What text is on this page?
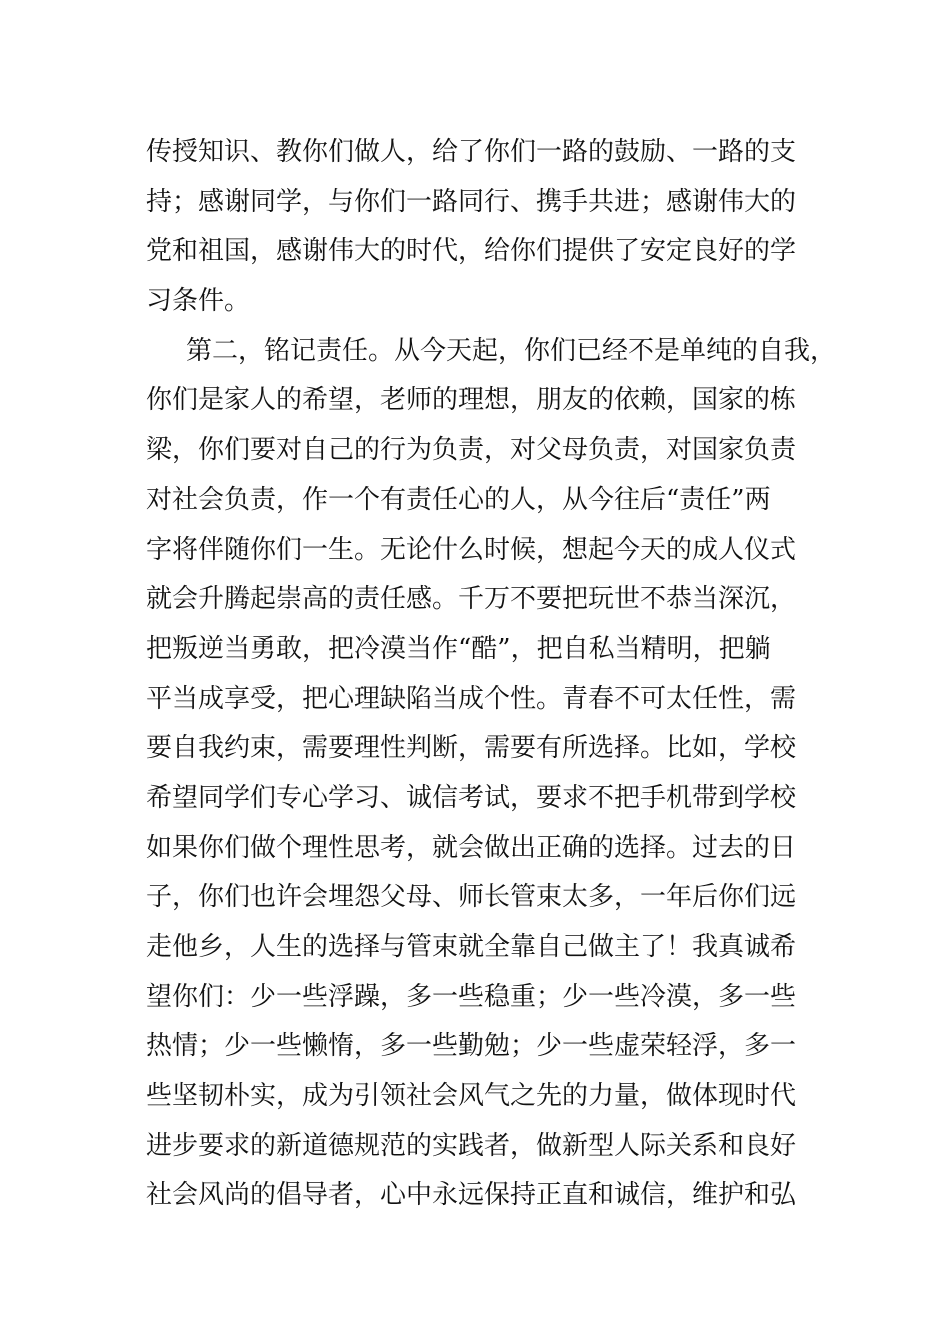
传授知识、教你们做人，给了你们一路的鼓励、一路的支
持；感谢同学，与你们一路同行、携手共进；感谢伟大的
党和祖国，感谢伟大的时代，给你们提供了安定良好的学
习条件。
第二，铭记责任。从今天起，你们已经不是单纯的自我，
你们是家人的希望，老师的理想，朋友的依赖，国家的栋
梁，你们要对自己的行为负责，对父母负责，对国家负责
对社会负责，作一个有责任心的人，从今往后“责任”两
字将伴随你们一生。无论什么时候，想起今天的成人仪式
就会升腾起崇高的责任感。千万不要把玩世不恭当深沉，
把叛逆当勇敢，把冷漠当作“酷”，把自私当精明，把躺
平当成享受，把心理缺陷当成个性。青春不可太任性，需
要自我约束，需要理性判断，需要有所选择。比如，学校
希望同学们专心学习、诚信考试，要求不把手机带到学校
如果你们做个理性思考，就会做出正确的选择。过去的日
子，你们也许会埋怨父母、师长管束太多，一年后你们远
走他乡，人生的选择与管束就全靠自己做主了！我真诚希
望你们：少一些浮躁，多一些稳重；少一些冷漠，多一些
热情；少一些懒惰，多一些勤勉；少一些虚荣轻浮，多一
些坚韧朴实，成为引领社会风气之先的力量，做体现时代
进步要求的新道德规范的实践者，做新型人际关系和良好
社会风尚的倡导者，心中永远保持正直和诚信，维护和弘
